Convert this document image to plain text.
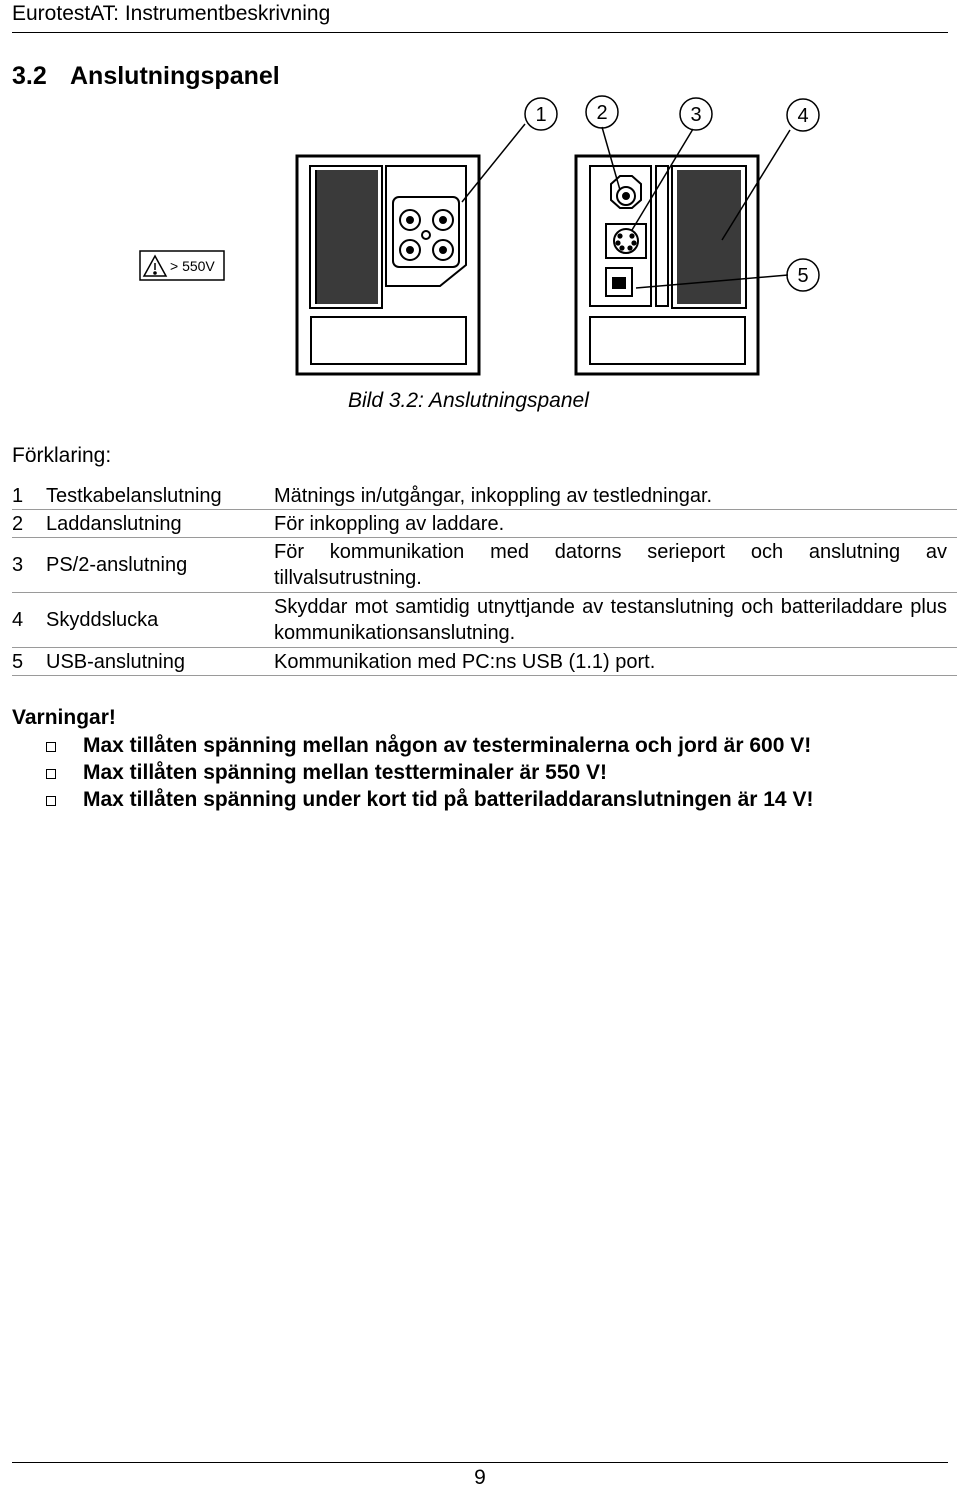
EurotestAT: Instrumentbeskrivning
3.2 Anslutningspanel
1 2	3	4
5
> 550V
Bild 3.2: Anslutningspanel
Förklaring:
1	Testkabelanslutning	Mätnings in/utgångar, inkoppling av testledningar.
2	Laddanslutning	För inkoppling av laddare.
3	PS/2-anslutning	För kommunikation med datorns serieport och anslutning av tillvalsutrustning.
4	Skyddslucka	Skyddar mot samtidig utnyttjande av testanslutning och batteriladdare plus kommunikationsanslutning.
5	USB-anslutning	Kommunikation med PC:ns USB (1.1) port.
Varningar!
Max tillåten spänning mellan någon av testerminalerna och jord är 600 V!
Max tillåten spänning mellan testterminaler är 550 V!
Max tillåten spänning under kort tid på batteriladdaranslutningen är 14 V!
9
